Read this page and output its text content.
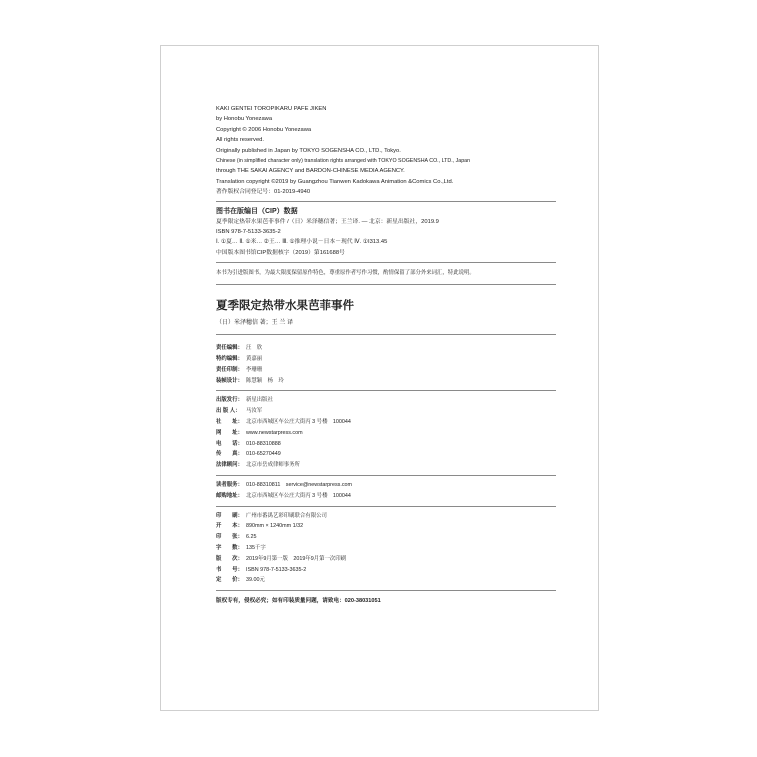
KAKI GENTEI TOROPIKARU PAFE JIKEN
by Honobu Yonezawa
Copyright © 2006 Honobu Yonezawa
All rights reserved.
Originally published in Japan by TOKYO SOGENSHA CO., LTD., Tokyo.
Chinese (in simplified character only) translation rights arranged with TOKYO SOGENSHA CO., LTD., Japan
through THE SAKAI AGENCY and BARDON-CHINESE MEDIA AGENCY.
Translation copyright ©2019 by Guangzhou Tianwen Kadokawa Animation &Comics Co.,Ltd.
著作版权合同登记号：01-2019-4940
图书在版编目（CIP）数据
夏季限定热带水果芭菲事件 /（日）米泽穗信著；王兰译. — 北京：新星出版社，2019.9
ISBN 978-7-5133-3635-2
Ⅰ. ①夏… Ⅱ. ①米… ②王… Ⅲ. ①推理小说－日本－现代 Ⅳ. ①I313.45
中国版本图书馆CIP数据核字（2019）第161688号
本书为引进版图书，为最大限度保留原作特色，尊重原作者写作习惯，酌情保留了部分外来词汇，特此说明。
夏季限定热带水果芭菲事件
（日）米泽穗信 著；王 兰 译
责任编辑： 汪　欣
特约编辑： 黄嘉丽
责任印制： 李珊珊
装帧设计： 陈慧颖　杨　玲
出版发行： 新星出版社
出 版 人：	马汝军
社　　址： 北京市西城区车公庄大街丙 3 号楼　100044
网　　址： www.newstarpress.com
电　　话： 010-88310888
传　　真： 010-65270449
法律顾问： 北京市岳成律师事务所
读者服务： 010-88310811　service@newstarpress.com
邮购地址： 北京市西城区车公庄大街丙 3 号楼　100044
印　　刷： 广州市番禺艺彩印刷联合有限公司
开　　本： 890mm × 1240mm 1/32
印　　张： 6.25
字　　数： 135千字
版　　次： 2019年9月第一版　2019年9月第一次印刷
书　　号： ISBN 978-7-5133-3635-2
定　　价： 39.00元
版权专有，侵权必究；如有印装质量问题，请致电：020-38031051
